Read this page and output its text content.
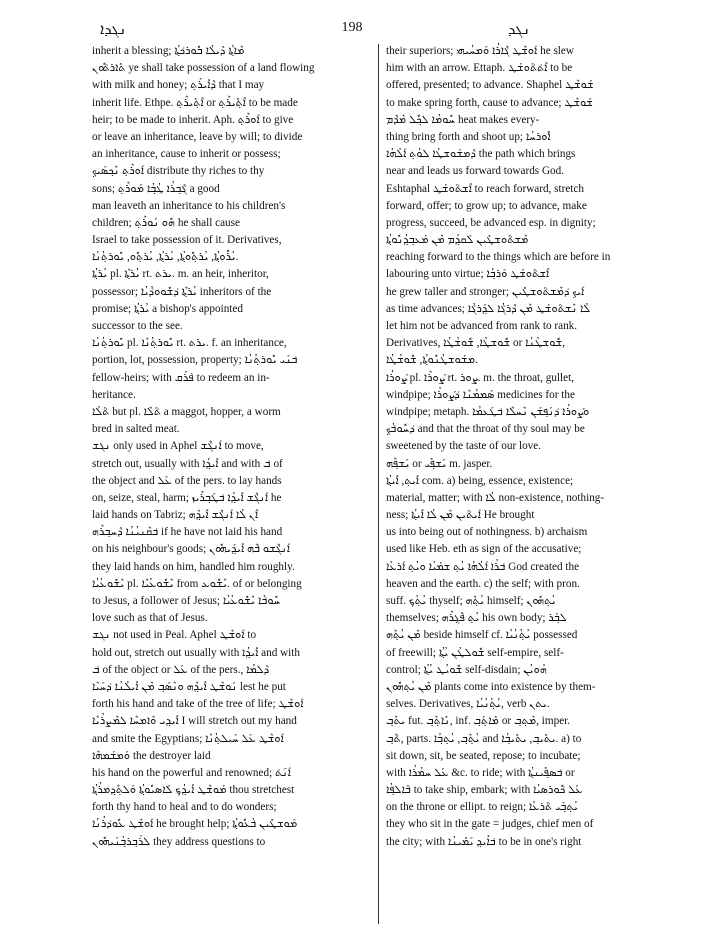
ܢܓܕܐ	198	ܢܓܕ
inherit a blessing; ܡܶܐܬ݂ܳܐ ܕܺܝܠܳܐ ܒܽܘܪܟ݁ܬ݂ܳܐ
ܬܺܐܪܬ݁ܽܘܢ ye shall take possession of a land flowing
with milk and honey; ܕ݁ܰܐܺܝܪܰܬ݂ that I may
inherit life. Ethpe. ܐܶܬ݂ܺܝܪܶܬ݂ or ܐܶܬ݂ܺܝܪܶܬ݂ to be made
heir; to be made to inherit. Aph. ܐܰܘܪܶܬ݂ to give
or leave an inheritance, leave by will; to divide
an inheritance, cause to inherit or possess;
ܐܰܘܪܶܬ݂ ܢܶܟ݂ܣܰܝܟ݂ distribute thy riches to thy
sons; ܓ݁ܰܒ݂ܪܳܐ ܛܳܒ݂ܳܐ ܡܰܘܪܶܬ݂ a good
man leaveth an inheritance to his children's
children; ܗܽܘ ܢܰܘܪܶܬ݂ he shall cause
Israel to take possession of it. Derivatives,
ܝܳܪܽܘܬ݂ܳܐ, ܝܳܪܬ݂ܽܘܬ݂ܳܐ, ܝܳܪܬ݂ܳܐ, ܝܳܪܬ݂ܽܘ, ܝܽܘܪܬ݂ܳܢܳܐ.
ܝܳܪܬ݂ܳܐ pl. ܝܳܪܬ݂ܶܐ rt. ܝܪܬ. m. an heir, inheritor,
possessor; ܝܳܪܬ݂ܶܐ ܕ݁ܫܽܘܘܕ݁ܳܝܳܐ inheritors of the
promise; ܝܳܪܬ݂ܳܐ a bishop's appointed
successor to the see.
ܝܽܘܪܬ݂ܳܢܳܐ pl. ܝܽܘܪܬ݂ܳܢܶܐ rt. ܝܪܬ. f. an inheritance,
portion, lot, possession, property; ܒ݁ܢܰܝ ܝܽܘܪܬ݂ܳܢܳܐ
fellow-heirs; with ܦ݁ܪܰܩ to redeem an in-
heritance.
ܬ݁ܰܠܳܐ but pl. ܬ݁ܰܠܶܐ a maggot, hopper, a worm
bred in salted meat.
ܢܓܫ only used in Aphel ܐܰܢܓ݁ܶܫ to move,
stretch out, usually with ܐܺܝܕ݂ܳܐ and with ܒ݁ of
the object and ܥܰܠ of the pers. to lay hands
on, seize, steal, harm; ܐܰܢܓ݁ܶܫ ܐܺܝܕ݂ܳܐ ܒ݁ܛܰܒ݂ܪܺܝܙ he
laid hands on Tabriz; ܐܶܢ ܠܳܐ ܐܰܢܓ݁ܶܫ ܐܺܝܕ݂ܶܗ
ܒ݁ܩܶܢܝܳܢܳܐ ܕ݁ܰܚܒ݂ܪܶܗ if he have not laid his hand
on his neighbour's goods; ܐܰܢܓ݁ܶܫܘ ܒ݁ܶܗ ܐܺܝܕ݂ܰܝܗܽܘܢ
they laid hands on him, handled him roughly.
ܝܶܫܽܘܥܳܝܳܐ pl. ܝܶܫܽܘܥܳܝܶܐ from ܝܶܫܽܘܥ. of or belonging
to Jesus, a follower of Jesus; ܚܽܘܒ݁ܳܐ ܝܶܫܽܘܥܳܝܳܐ
love such as that of Jesus.
ܢܓܫ not used in Peal. Aphel ܐܰܘܫܶܛ to
hold out, stretch out usually with ܐܺܝܕ݂ܳܐ and with
ܒ݁ of the object or ܥܰܠ of the pers., ܕ݁ܰܠܡܳܐ
ܢܰܘܫܶܛ ܐܺܝܕ݂ܶܗ ܘܢܶܣܰܒ݂ ܡܶܢ ܐܺܝܠܳܢܳܐ ܕ݁ܚܰܝܶܐ lest he put
forth his hand and take of the tree of life; ܐܰܘܫܶܛ
ܐܺܝܕ݂ܝ ܘܶܐܡܚܶܐ ܠܡܶܨܪܳܝܶܐ I will stretch out my hand
and smite the Egyptians; ܐܰܘܫܶܛ ܥܰܠ ܚܰܝܠܬ݂ܳܢܶܐ
ܘܰܡܫܰܡܗܶܐ the destroyer laid
his hand on the powerful and renowned; ܐܰܢ݇ܬ݁
ܡܰܘܫܶܛ ܐܺܝܕ݂ܳܟ݂ ܠܰܐܣܝܽܘܬ݂ܳܐ ܘܰܠܬ݂ܶܕ݂ܡܪܳܬ݂ܳܐ thou stretchest
forth thy hand to heal and to do wonders;
ܐܰܘܫܶܛ ܥܽܘܕ݁ܪܳܢܳܐ he brought help; ܡܰܘܫܛܺܝܢ ܒ݁ܳܥܽܘܬ݂ܳܐ
ܠܪܰܒ݂ܪܒ݂ܳܢܰܝܗܽܘܢ they address questions to
their superiors; ܐܰܘܫܶܛ ܓ݁ܶܐܪܳܐ ܘܰܡܚܳܝܗܝ he slew
him with an arrow. Ettaph. ܐܶܬ݁ܬ݁ܰܘܫܰܛ to be
offered, presented; to advance. Shaphel ܫܰܘܫܶܛ
to make spring forth, cause to advance; ܫܰܘܫܶܛ
ܚܽܘܡܳܐ ܠܟ݂ܽܠ ܡܶܕ݁ܶܡ heat makes every-
thing bring forth and shoot up; ܐܽܘܪܚܳܐ
ܕ݁ܰܡܫܰܘܫܛܳܐ ܠܘܳܬ݂ ܐܰܠܳܗܳܐ the path which brings
near and leads us forward towards God.
Eshtaphal ܐܶܫܬ݁ܰܘܫܰܛ to reach forward, stretch
forward, offer; to grow up; to advance, make
progress, succeed, be advanced esp. in dignity;
ܡܶܫܬ݁ܰܘܫܛܺܝܢ ܠܰܩܕ݂ܳܡ ܡܶܢ ܡܰܥܒ݂ܕ݂ܳܢܽܘܬ݂ܳܐ
reaching forward to the things which are before in
labouring unto virtue; ܐܶܫܬ݁ܰܘܫܰܛ ܘܰܪܒ݂ܳܐ
he grew taller and stronger; ܐܰܝܟ݂ ܕ݁ܡܶܫܬ݁ܰܘܫܛܺܝܢ
as time advances; ܠܳܐ ܢܶܫܬ݁ܰܘܫܰܛ ܡܶܢ ܕ݁ܰܪܓ݁ܳܐ ܠܕ݂ܰܪܓ݁ܳܐ
let him not be advanced from rank to rank.
Derivatives, ܫܽܘܫܛܳܐ, ܫܽܘܫܳܛܳܐ or ܫܽܘܫܛܳܢܳܐ,
ܡܫܰܘܫܛܳܢܽܘܬ݂ܳܐ, ܫܽܘܫܳܛܳܐ.
ܨܰܘܪܳܐ pl. ܨܰܘܪܶܐ rt. ܨܘܪ. m. the throat, gullet,
windpipe; ܣܰܡܡܳܢܶܐ ܕ݁ܨܰܘܪܳܐ medicines for the
windpipe; metaph. ܘܨܰܘܪܳܐ ܕ݁ܢܰܦ݂ܫܰܢ ܢܶܚܠܶܐ ܒ݁ܛܰܥܡܳܐ
ܕ݁ܚܽܘܒ݁ܳܟ݂ and that the throat of thy soul may be
sweetened by the taste of our love.
ܝܰܫܦ݂ܶܗ or ܝܰܫܦ݂ܺܝ m. jasper.
ܐܺܝܬ݂, ܐܺܝܬ݂ܳܐ com. a) being, essence, existence;
material, matter; with ܠܳܐ non-existence, nothing-
ness; ܐܰܝܬ݁ܰܝܢ ܡܶܢ ܠܳܐ ܐܺܝܬ݂ܳܐ He brought
us into being out of nothingness. b) archaism
used like Heb. eth as sign of the accusative;
ܒ݁ܪܳܐ ܐܰܠܳܗܳܐ ܝܳܬ݂ ܫܡܰܝܳܐ ܘܝܳܬ݂ ܐܰܪܥܳܐ God created the
heaven and the earth. c) the self; with pron.
suff. ܝܳܬ݂ܳܟ݂ thyself; ܝܳܬ݂ܶܗ himself; ܝܳܬ݂ܗܽܘܢ
themselves; ܝܳܬ݂ ܦ݁ܰܓ݂ܪܶܗ his own body; ܠܒ݂ܰܪ
ܡܶܢ ܝܳܬ݂ܶܗ beside himself cf. ܝܳܬ݂ܳܢܳܝܳܐ possessed
of freewill; ܫܽܘܠܛܳܢ ܝܳܬ݂ܳܐ self-empire, self-
control; ܫܽܘܝܳܛ ܝܳܬ݂ܳܐ self-disdain; ܗܳܘܝܳܢ
ܡܶܢ ܝܳܬ݂ܗܽܘܢ plants come into existence by them-
selves. Derivatives, ܝܳܬ݂ܳܢܳܝܳܐ, verb ܝܬܢ.
ܝܬܶܒ݂ fut. ܢܺܐܬ݂ܶܒ݂, inf. ܡܺܐܬ݂ܰܒ݂ or ܡܶܬ݂ܒ݂, imper.
ܬ݁ܶܒ݂, parts. ܝܳܬ݂ܶܒ݂, ܝܳܬ݂ܒ݂ܳܐ and ܝܬܺܝܒ݂, ܝܬܺܝܒ݂ܳܐ. a) to
sit down, sit, be seated, repose; to incubate;
with ܥܰܠ ܚܡܳܪܳܐ &c. to ride; with ܒ݁ܣܦ݂ܺܝܢܬ݂ܳܐ or
ܒ݁ܰܐܠܦ݂ܳܐ to take ship, embark; with ܥܰܠ ܟ݁ܽܘܪܣܝܳܐ
on the throne or ellipt. to reign; ܝܳܬ݂ܒ݂ܰܝ ܬ݁ܰܪܥܳܐ
they who sit in the gate = judges, chief men of
the city; with ܒ݁ܐܺܝܕ݂ ܝܰܡܺܝܢܳܐ to be in one's right
